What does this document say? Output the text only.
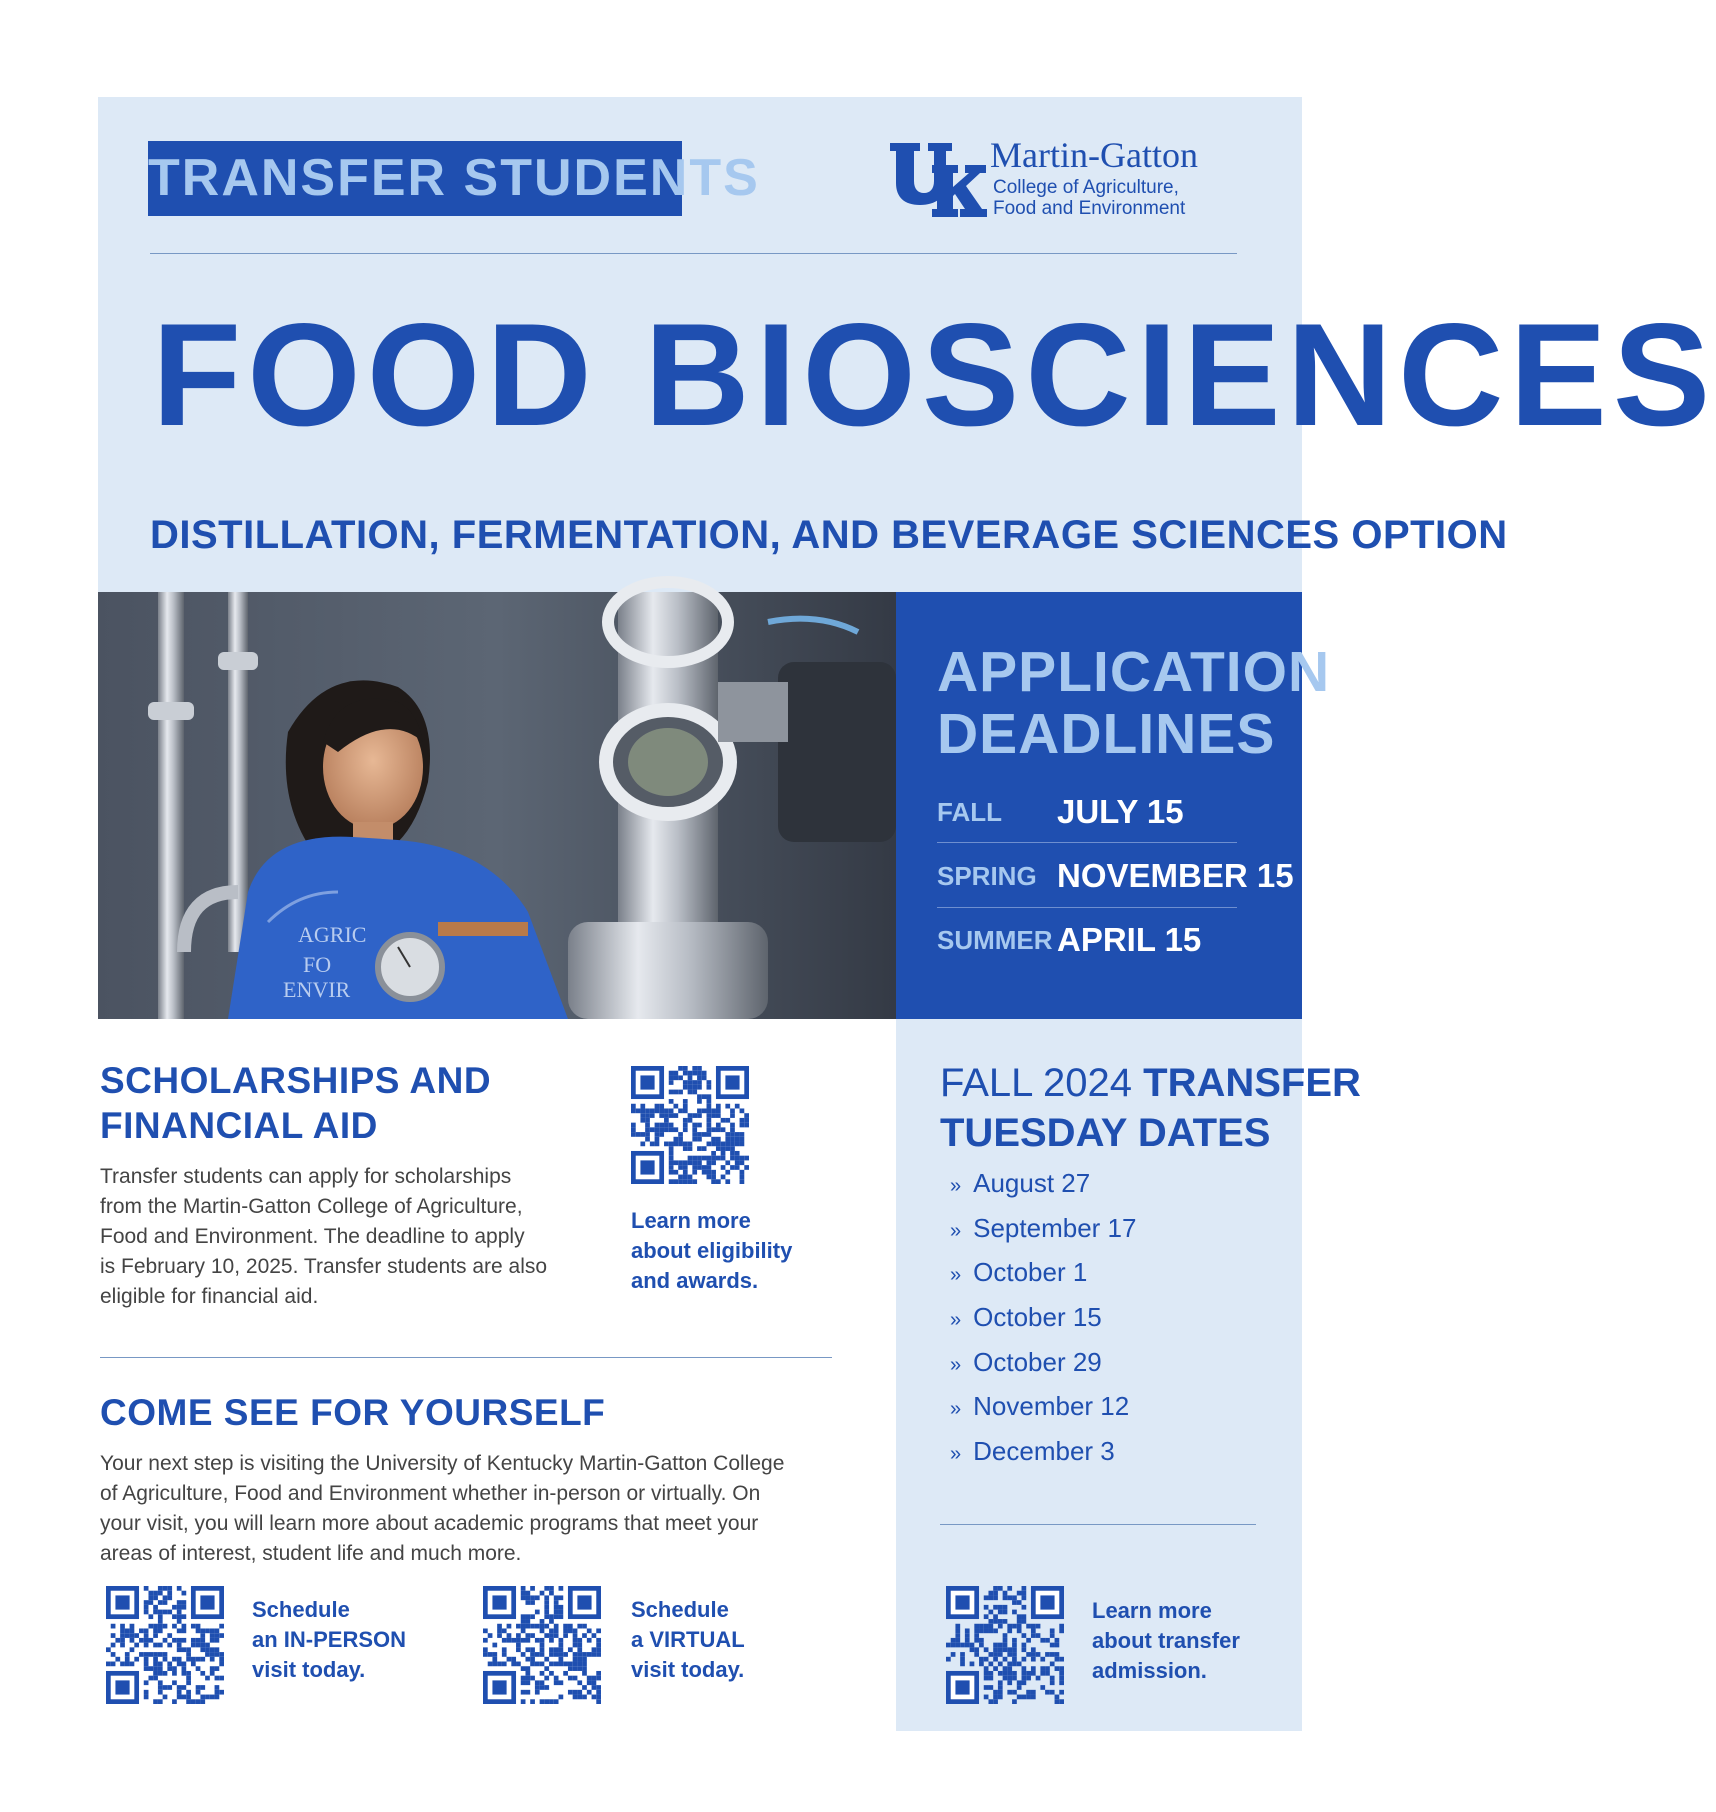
TRANSFER STUDENTS	Martin-Gatton
College of Agriculture,
Food and Environment
FOOD BIOSCIENCES
DISTILLATION, FERMENTATION, AND BEVERAGE SCIENCES OPTION
AGRIC
FO
ENVIR
APPLICATION
DEADLINES
FALL JULY 15
SPRING NOVEMBER 15
SUMMER APRIL 15
SCHOLARSHIPS AND
FINANCIAL AID
Transfer students can apply for scholarships
from the Martin-Gatton College of Agriculture,
Food and Environment. The deadline to apply
is February 10, 2025. Transfer students are also
eligible for financial aid.
Learn more
about eligibility
and awards.
COME SEE FOR YOURSELF
Your next step is visiting the University of Kentucky Martin-Gatton College
of Agriculture, Food and Environment whether in-person or virtually. On
your visit, you will learn more about academic programs that meet your
areas of interest, student life and much more.
Schedule
an IN-PERSON
visit today.
Schedule
a VIRTUAL
visit today.
FALL 2024 TRANSFER
TUESDAY DATES
» August 27
» September 17
» October 1
» October 15
» October 29
» November 12
» December 3
Learn more
about transfer
admission.
